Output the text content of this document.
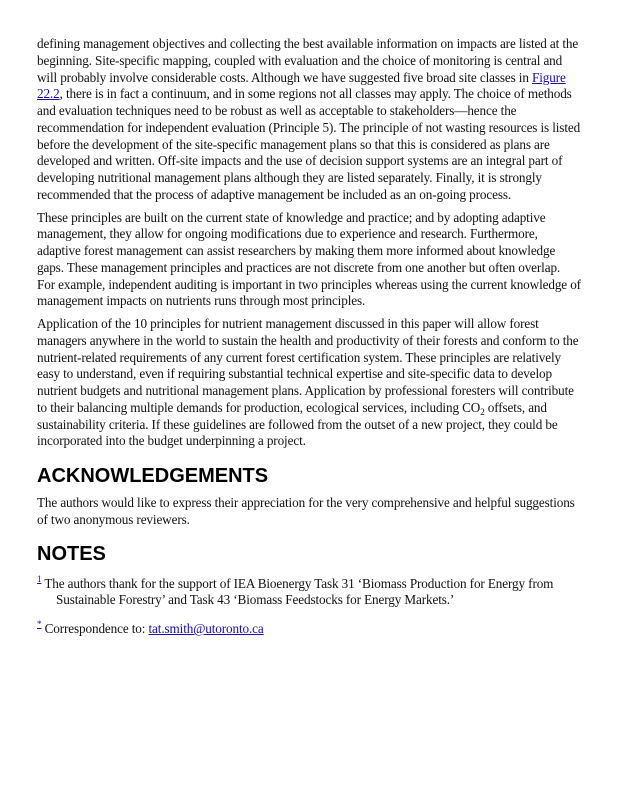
defining management objectives and collecting the best available information on impacts are listed at the beginning. Site-specific mapping, coupled with evaluation and the choice of monitoring is central and will probably involve considerable costs. Although we have suggested five broad site classes in Figure 22.2, there is in fact a continuum, and in some regions not all classes may apply. The choice of methods and evaluation techniques need to be robust as well as acceptable to stakeholders—hence the recommendation for independent evaluation (Principle 5). The principle of not wasting resources is listed before the development of the site-specific management plans so that this is considered as plans are developed and written. Off-site impacts and the use of decision support systems are an integral part of developing nutritional management plans although they are listed separately. Finally, it is strongly recommended that the process of adaptive management be included as an on-going process.

These principles are built on the current state of knowledge and practice; and by adopting adaptive management, they allow for ongoing modifications due to experience and research. Furthermore, adaptive forest management can assist researchers by making them more informed about knowledge gaps. These management principles and practices are not discrete from one another but often overlap. For example, independent auditing is important in two principles whereas using the current knowledge of management impacts on nutrients runs through most principles.

Application of the 10 principles for nutrient management discussed in this paper will allow forest managers anywhere in the world to sustain the health and productivity of their forests and conform to the nutrient-related requirements of any current forest certification system. These principles are relatively easy to understand, even if requiring substantial technical expertise and site-specific data to develop nutrient budgets and nutritional management plans. Application by professional foresters will contribute to their balancing multiple demands for production, ecological services, including $CO_2$ offsets, and sustainability criteria. If these guidelines are followed from the outset of a new project, they could be incorporated into the budget underpinning a project.

ACKNOWLEDGEMENTS

The authors would like to express their appreciation for the very comprehensive and helpful suggestions of two anonymous reviewers.

NOTES
$^1$ The authors thank for the support of IEA Bioenergy Task 31 ‘Biomass Production for Energy from Sustainable Forestry’ and Task 43 ‘Biomass Feedstocks for Energy Markets.’
* Correspondence to: tat.smith@utoronto.ca
